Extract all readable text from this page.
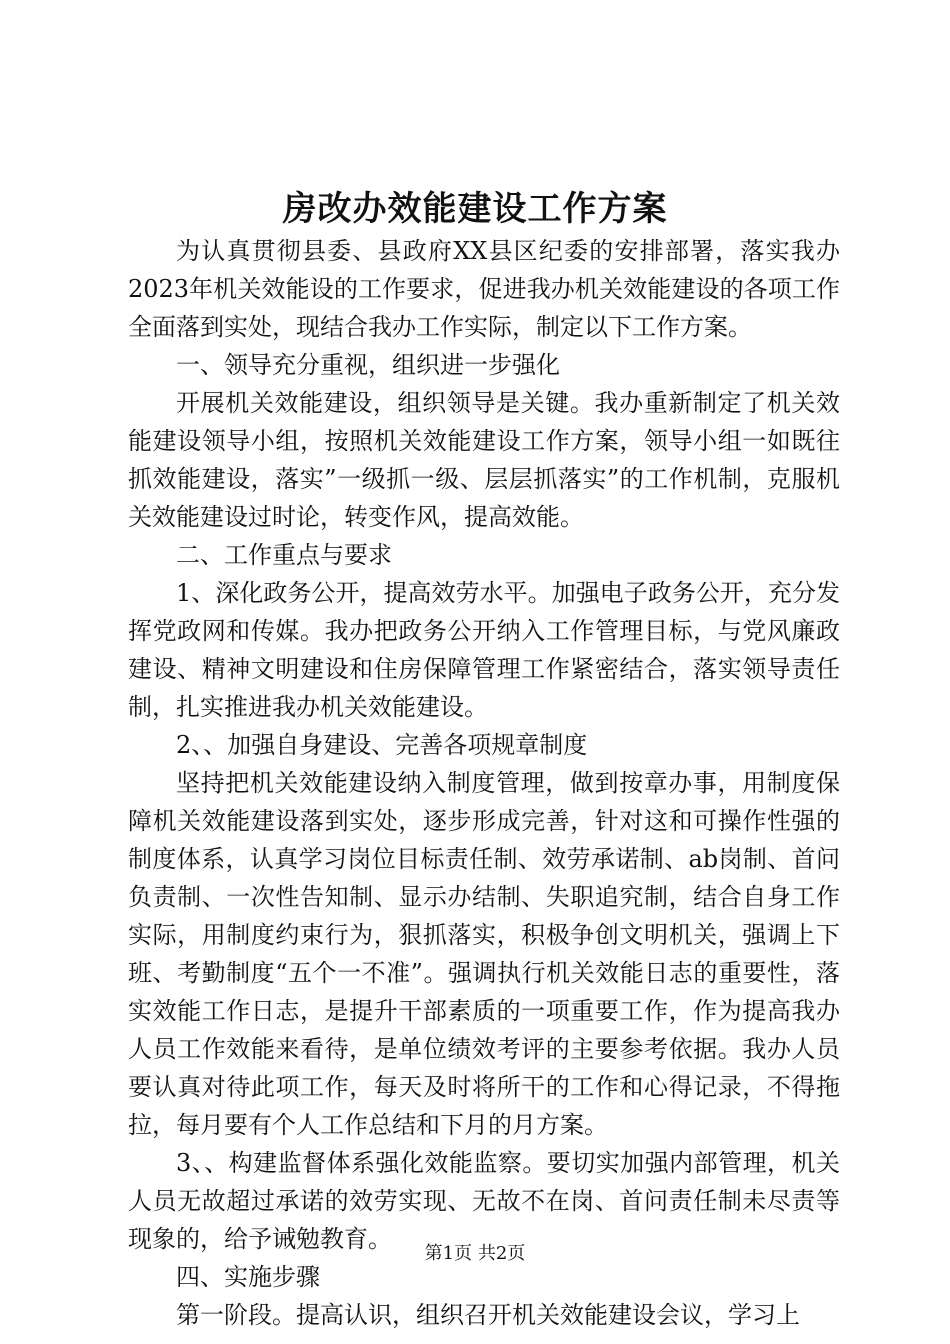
房改办效能建设工作方案

为认真贯彻县委、县政府XX县区纪委的安排部署，落实我办2023年机关效能设的工作要求，促进我办机关效能建设的各项工作全面落到实处，现结合我办工作实际，制定以下工作方案。

一、领导充分重视，组织进一步强化

开展机关效能建设，组织领导是关键。我办重新制定了机关效能建设领导小组，按照机关效能建设工作方案，领导小组一如既往抓效能建设，落实”一级抓一级、层层抓落实”的工作机制，克服机关效能建设过时论，转变作风，提高效能。

二、工作重点与要求

1、深化政务公开，提高效劳水平。加强电子政务公开，充分发挥党政网和传媒。我办把政务公开纳入工作管理目标，与党风廉政建设、精神文明建设和住房保障管理工作紧密结合，落实领导责任制，扎实推进我办机关效能建设。

2、、加强自身建设、完善各项规章制度

坚持把机关效能建设纳入制度管理，做到按章办事，用制度保障机关效能建设落到实处，逐步形成完善，针对这和可操作性强的制度体系，认真学习岗位目标责任制、效劳承诺制、ab岗制、首问负责制、一次性告知制、显示办结制、失职追究制，结合自身工作实际，用制度约束行为，狠抓落实，积极争创文明机关，强调上下班、考勤制度“五个一不准”。强调执行机关效能日志的重要性，落实效能工作日志，是提升干部素质的一项重要工作，作为提高我办人员工作效能来看待，是单位绩效考评的主要参考依据。我办人员要认真对待此项工作，每天及时将所干的工作和心得记录，不得拖拉，每月要有个人工作总结和下月的月方案。

3、、构建监督体系强化效能监察。要切实加强内部管理，机关人员无故超过承诺的效劳实现、无故不在岗、首问责任制未尽责等现象的，给予诫勉教育。

四、实施步骤

第一阶段。提高认识，组织召开机关效能建设会议，学习上

第1页 共2页
